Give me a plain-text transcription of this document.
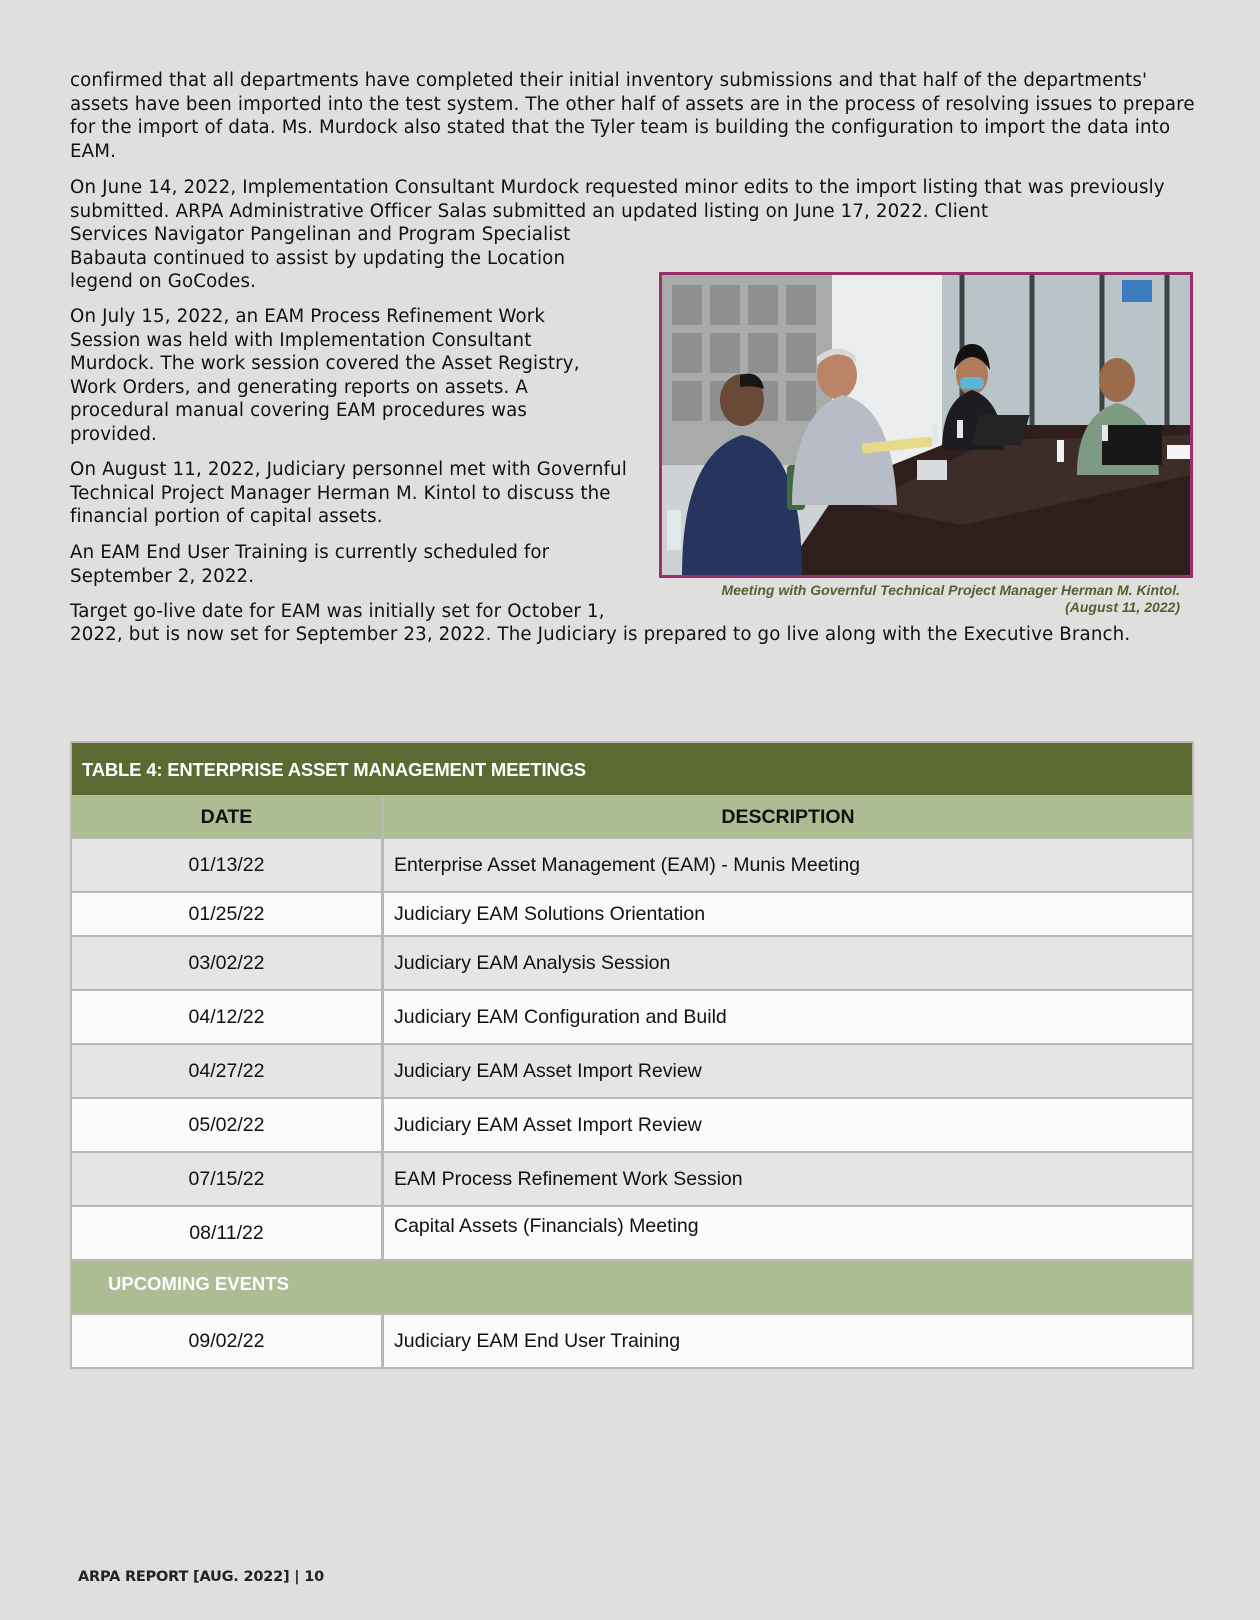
confirmed that all departments have completed their initial inventory submissions and that half of the departments' assets have been imported into the test system. The other half of assets are in the process of resolving issues to prepare for the import of data. Ms. Murdock also stated that the Tyler team is building the configuration to import the data into EAM.

On June 14, 2022, Implementation Consultant Murdock requested minor edits to the import listing that was previously submitted. ARPA Administrative Officer Salas submitted an updated listing on June 17, 2022. Client

Services Navigator Pangelinan and Program Specialist Babauta continued to assist by updating the Location legend on GoCodes.

On July 15, 2022, an EAM Process Refinement Work Session was held with Implementation Consultant Murdock. The work session covered the Asset Registry, Work Orders, and generating reports on assets. A procedural manual covering EAM procedures was provided.

On August 11, 2022, Judiciary personnel met with Governful Technical Project Manager Herman M. Kintol to discuss the financial portion of capital assets.

An EAM End User Training is currently scheduled for September 2, 2022.

Target go-live date for EAM was initially set for October 1,

2022, but is now set for September 23, 2022. The Judiciary is prepared to go live along with the Executive Branch.

Meeting with Governful Technical Project Manager Herman M. Kintol.
(August 11, 2022)
TABLE 4: ENTERPRISE ASSET MANAGEMENT MEETINGS
DATE	DESCRIPTION
01/13/22	Enterprise Asset Management (EAM) - Munis Meeting
01/25/22	Judiciary EAM Solutions Orientation
03/02/22	Judiciary EAM Analysis Session
04/12/22	Judiciary EAM Configuration and Build
04/27/22	Judiciary EAM Asset Import Review
05/02/22	Judiciary EAM Asset Import Review
07/15/22	EAM Process Refinement Work Session
08/11/22	Capital Assets (Financials) Meeting
UPCOMING EVENTS
09/02/22	Judiciary EAM End User Training
ARPA REPORT [AUG. 2022] | 10
